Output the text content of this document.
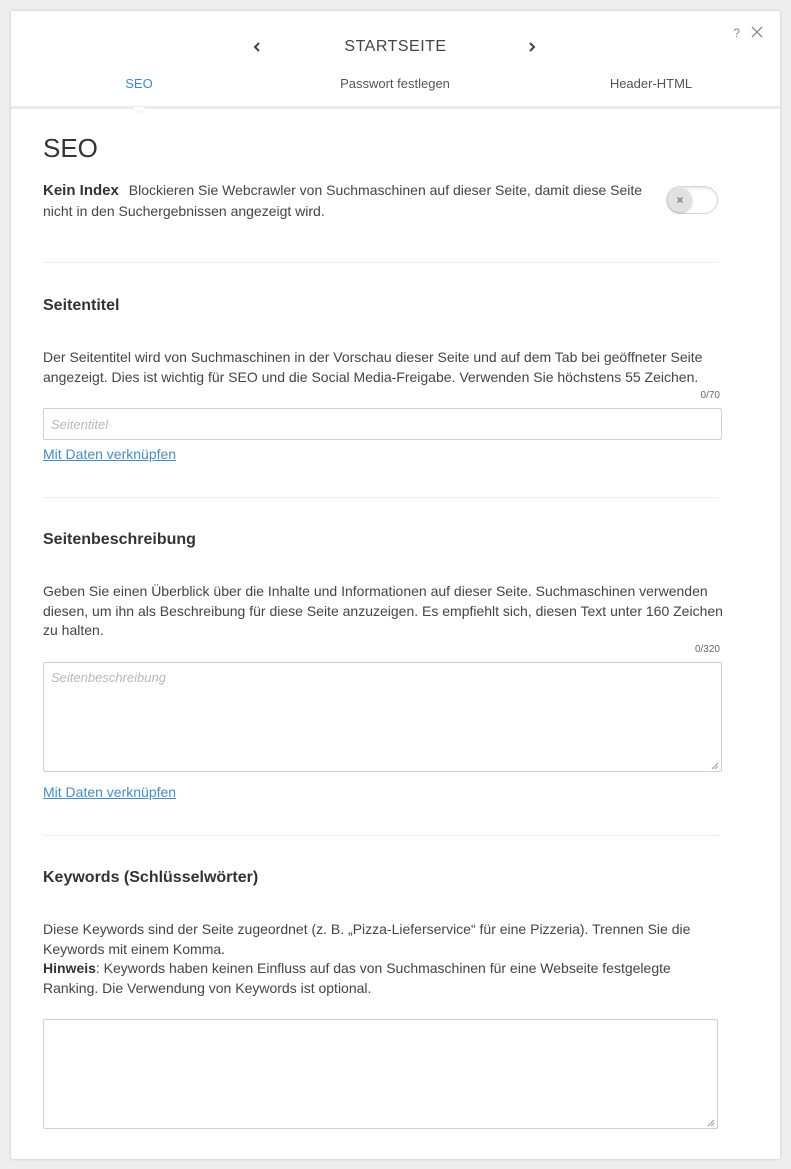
?
STARTSEITE
SEO	Passwort festlegen	Header-HTML
SEO
Kein Index Blockieren Sie Webcrawler von Suchmaschinen auf dieser Seite, damit diese Seite nicht in den Suchergebnissen angezeigt wird.
Seitentitel
Der Seitentitel wird von Suchmaschinen in der Vorschau dieser Seite und auf dem Tab bei geöffneter Seite angezeigt. Dies ist wichtig für SEO und die Social Media-Freigabe. Verwenden Sie höchstens 55 Zeichen.
0/70
Seitentitel
Mit Daten verknüpfen
Seitenbeschreibung
Geben Sie einen Überblick über die Inhalte und Informationen auf dieser Seite. Suchmaschinen verwenden diesen, um ihn als Beschreibung für diese Seite anzuzeigen. Es empfiehlt sich, diesen Text unter 160 Zeichen zu halten.
0/320
Seitenbeschreibung
Mit Daten verknüpfen
Keywords (Schlüsselwörter)
Diese Keywords sind der Seite zugeordnet (z. B. „Pizza-Lieferservice“ für eine Pizzeria). Trennen Sie die Keywords mit einem Komma.
Hinweis: Keywords haben keinen Einfluss auf das von Suchmaschinen für eine Webseite festgelegte Ranking. Die Verwendung von Keywords ist optional.
